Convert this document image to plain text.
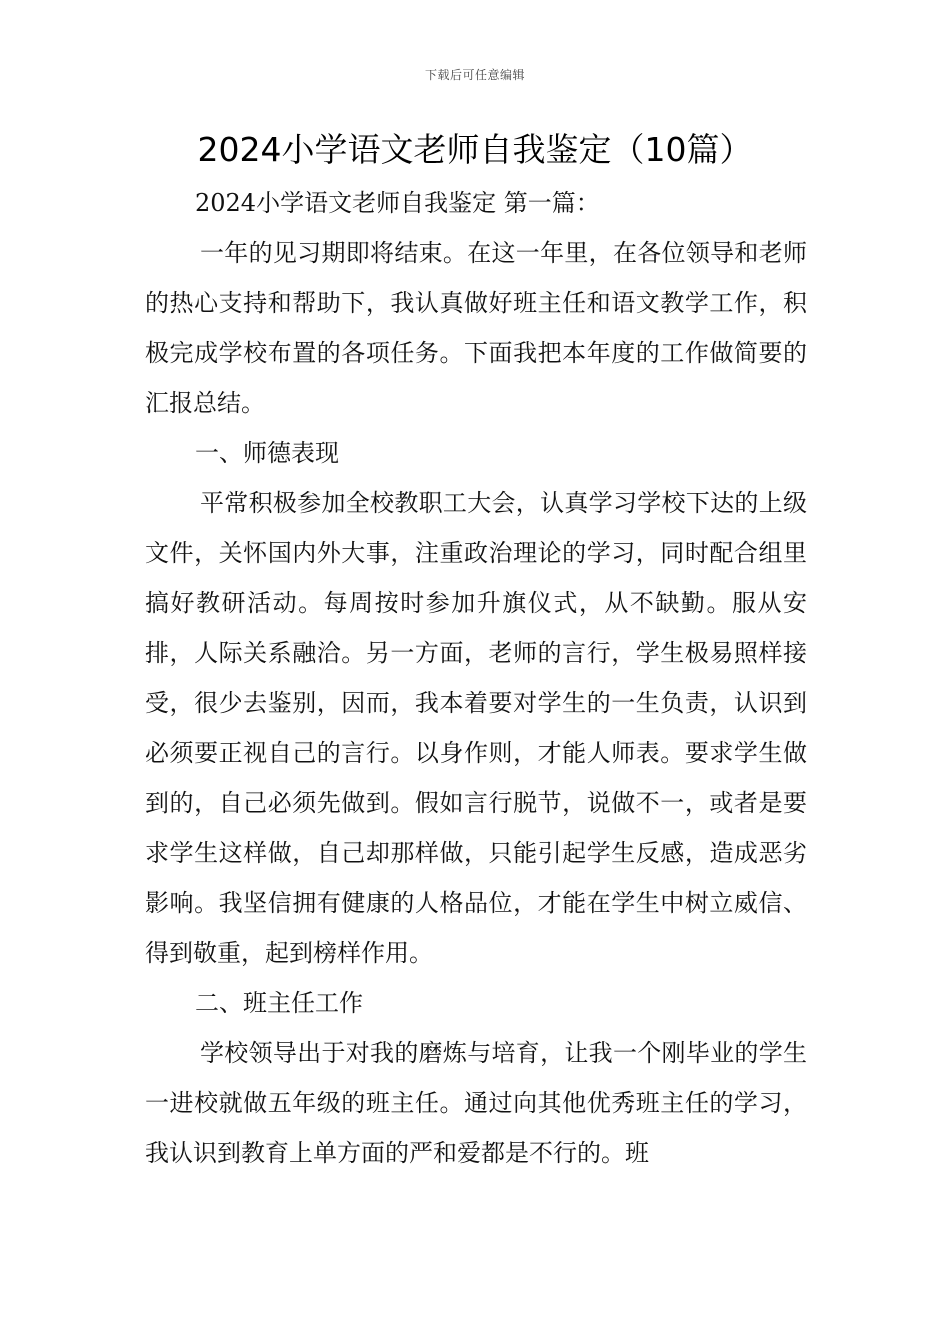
下载后可任意编辑
2024小学语文老师自我鉴定（10篇）

2024小学语文老师自我鉴定 第一篇：

一年的见习期即将结束。在这一年里，在各位领导和老师的热心支持和帮助下，我认真做好班主任和语文教学工作，积极完成学校布置的各项任务。下面我把本年度的工作做简要的汇报总结。

一、师德表现

平常积极参加全校教职工大会，认真学习学校下达的上级文件，关怀国内外大事，注重政治理论的学习，同时配合组里搞好教研活动。每周按时参加升旗仪式，从不缺勤。服从安排，人际关系融洽。另一方面，老师的言行，学生极易照样接受，很少去鉴别，因而，我本着要对学生的一生负责，认识到必须要正视自己的言行。以身作则，才能人师表。要求学生做到的，自己必须先做到。假如言行脱节，说做不一，或者是要求学生这样做，自己却那样做，只能引起学生反感，造成恶劣影响。我坚信拥有健康的人格品位，才能在学生中树立威信、得到敬重，起到榜样作用。

二、班主任工作

学校领导出于对我的磨炼与培育，让我一个刚毕业的学生一进校就做五年级的班主任。通过向其他优秀班主任的学习，我认识到教育上单方面的严和爱都是不行的。班
